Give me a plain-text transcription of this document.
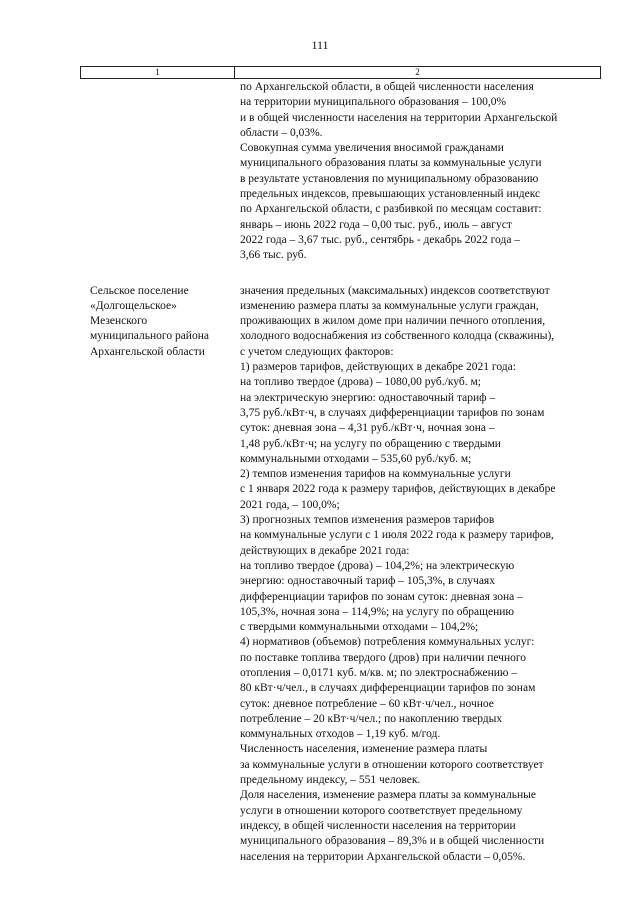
111
1	2
по Архангельской области, в общей численности населения
на территории муниципального образования – 100,0%
и в общей численности населения на территории Архангельской
области – 0,03%.
Совокупная сумма увеличения вносимой гражданами
муниципального образования платы за коммунальные услуги
в результате установления по муниципальному образованию
предельных индексов, превышающих установленный индекс
по Архангельской области, с разбивкой по месяцам составит:
январь – июнь 2022 года – 0,00 тыс. руб., июль – август
2022 года – 3,67 тыс. руб., сентябрь - декабрь 2022 года –
3,66 тыс. руб.
Сельское поселение
«Долгощельское»
Мезенского
муниципального района
Архангельской области
значения предельных (максимальных) индексов соответствуют
изменению размера платы за коммунальные услуги граждан,
проживающих в жилом доме при наличии печного отопления,
холодного водоснабжения из собственного колодца (скважины),
с учетом следующих факторов:
1) размеров тарифов, действующих в декабре 2021 года:
на топливо твердое (дрова) – 1080,00 руб./куб. м;
на электрическую энергию: одноставочный тариф –
3,75 руб./кВт·ч, в случаях дифференциации тарифов по зонам
суток: дневная зона – 4,31 руб./кВт·ч, ночная зона –
1,48 руб./кВт·ч; на услугу по обращению с твердыми
коммунальными отходами – 535,60 руб./куб. м;
2) темпов изменения тарифов на коммунальные услуги
с 1 января 2022 года к размеру тарифов, действующих в декабре
2021 года, – 100,0%;
3) прогнозных темпов изменения размеров тарифов
на коммунальные услуги с 1 июля 2022 года к размеру тарифов,
действующих в декабре 2021 года:
на топливо твердое (дрова) – 104,2%; на электрическую
энергию: одноставочный тариф – 105,3%, в случаях
дифференциации тарифов по зонам суток: дневная зона –
105,3%, ночная зона – 114,9%; на услугу по обращению
с твердыми коммунальными отходами – 104,2%;
4) нормативов (объемов) потребления коммунальных услуг:
по поставке топлива твердого (дров) при наличии печного
отопления – 0,0171 куб. м/кв. м; по электроснабжению –
80 кВт·ч/чел., в случаях дифференциации тарифов по зонам
суток: дневное потребление – 60 кВт·ч/чел., ночное
потребление – 20 кВт·ч/чел.; по накоплению твердых
коммунальных отходов – 1,19 куб. м/год.
Численность населения, изменение размера платы
за коммунальные услуги в отношении которого соответствует
предельному индексу, – 551 человек.
Доля населения, изменение размера платы за коммунальные
услуги в отношении которого соответствует предельному
индексу, в общей численности населения на территории
муниципального образования – 89,3% и в общей численности
населения на территории Архангельской области – 0,05%.
